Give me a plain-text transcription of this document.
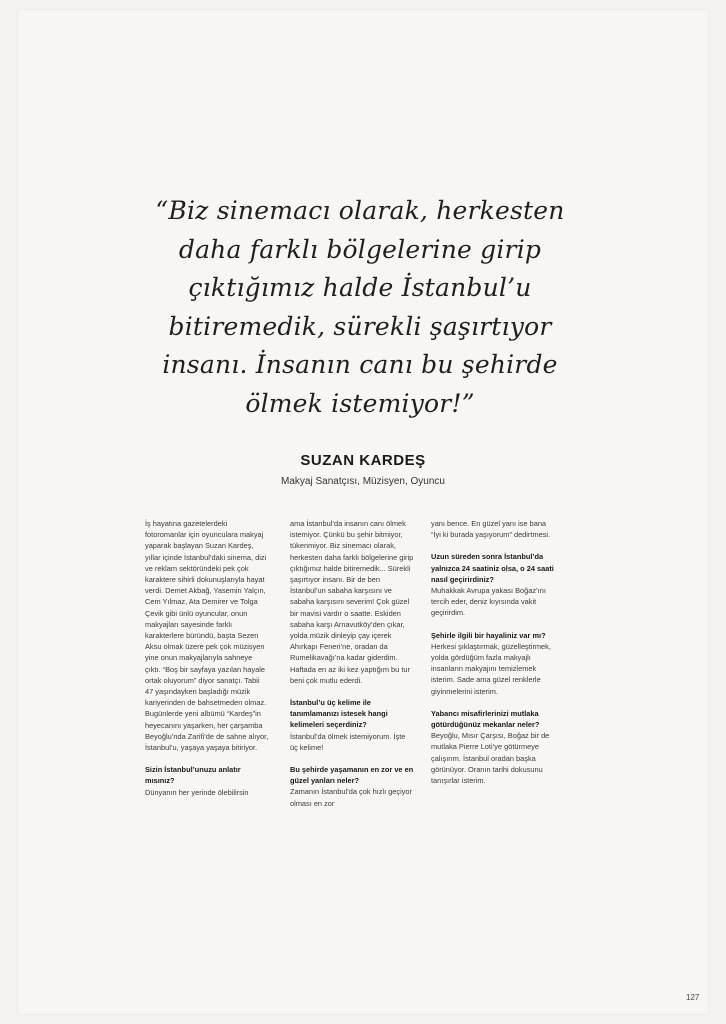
“Biz sinemacı olarak, herkesten
daha farklı bölgelerine girip
çıktığımız halde İstanbul’u
bitiremedik, sürekli şaşırtıyor
insanı. İnsanın canı bu şehirde
ölmek istemiyor!”
SUZAN KARDEŞ
Makyaj Sanatçısı, Müzisyen, Oyuncu

İş hayatına gazetelerdeki fotoromanlar için oyunculara makyaj yaparak başlayan Suzan Kardeş, yıllar içinde İstanbul’daki sinema, dizi ve reklam sektöründeki pek çok karaktere sihirli dokunuşlarıyla hayat verdi. Demet Akbağ, Yasemin Yalçın, Cem Yılmaz, Ata Demirer ve Tolga Çevik gibi ünlü oyuncular, onun makyajları sayesinde farklı karakterlere büründü, başta Sezen Aksu olmak üzere pek çok müzisyen yine onun makyajlarıyla sahneye çıktı. “Boş bir sayfaya yazılan hayale ortak oluyorum” diyor sanatçı. Tabii 47 yaşındayken başladığı müzik kariyerinden de bahsetmeden olmaz. Bugünlerde yeni albümü “Kardeş”in heyecanını yaşarken, her çarşamba Beyoğlu’nda Zarifi’de de sahne alıyor, İstanbul’u, yaşaya yaşaya bitiriyor.

Sizin İstanbul’unuzu anlatır mısınız?

Dünyanın her yerinde ölebilirsin

ama İstanbul’da insanın canı ölmek istemiyor. Çünkü bu şehir bitmiyor, tükenmiyor. Biz sinemacı olarak, herkesten daha farklı bölgelerine girip çıktığımız halde bitiremedik... Sürekli şaşırtıyor insanı. Bir de ben İstanbul’un sabaha karşısını ve sabaha karşısını severim! Çok güzel bir mavisi vardır o saatte. Eskiden sabaha karşı Arnavutköy’den çıkar, yolda müzik dinleyip çay içerek Ahırkapı Feneri’ne, oradan da Rumelikavağı’na kadar giderdim. Haftada en az iki kez yaptığım bu tur beni çok mutlu ederdi.

İstanbul’u üç kelime ile tanımlamanızı istesek hangi kelimeleri seçerdiniz?

İstanbul’da ölmek istemiyorum. İşte üç kelime!

Bu şehirde yaşamanın en zor ve en güzel yanları neler?

Zamanın İstanbul’da çok hızlı geçiyor olması en zor

yanı bence. En güzel yanı ise bana “İyi ki burada yaşıyorum” dedirtmesi.

Uzun süreden sonra İstanbul’da yalnızca 24 saatiniz olsa, o 24 saati nasıl geçirirdiniz?

Muhakkak Avrupa yakası Boğaz’ını tercih eder, deniz kıyısında vakit geçirirdim.

Şehirle ilgili bir hayaliniz var mı?

Herkesi şıklaştırmak, güzelleştirmek, yolda gördüğüm fazla makyajlı insanların makyajını temizlemek isterim. Sade ama güzel renklerle giyinmelerini isterim.

Yabancı misafirlerinizi mutlaka götürdüğünüz mekanlar neler?

Beyoğlu, Mısır Çarşısı, Boğaz bir de mutlaka Pierre Loti’ye götürmeye çalışırım. İstanbul oradan başka görünüyor. Oranın tarihi dokusunu tanışırlar isterim.

127
